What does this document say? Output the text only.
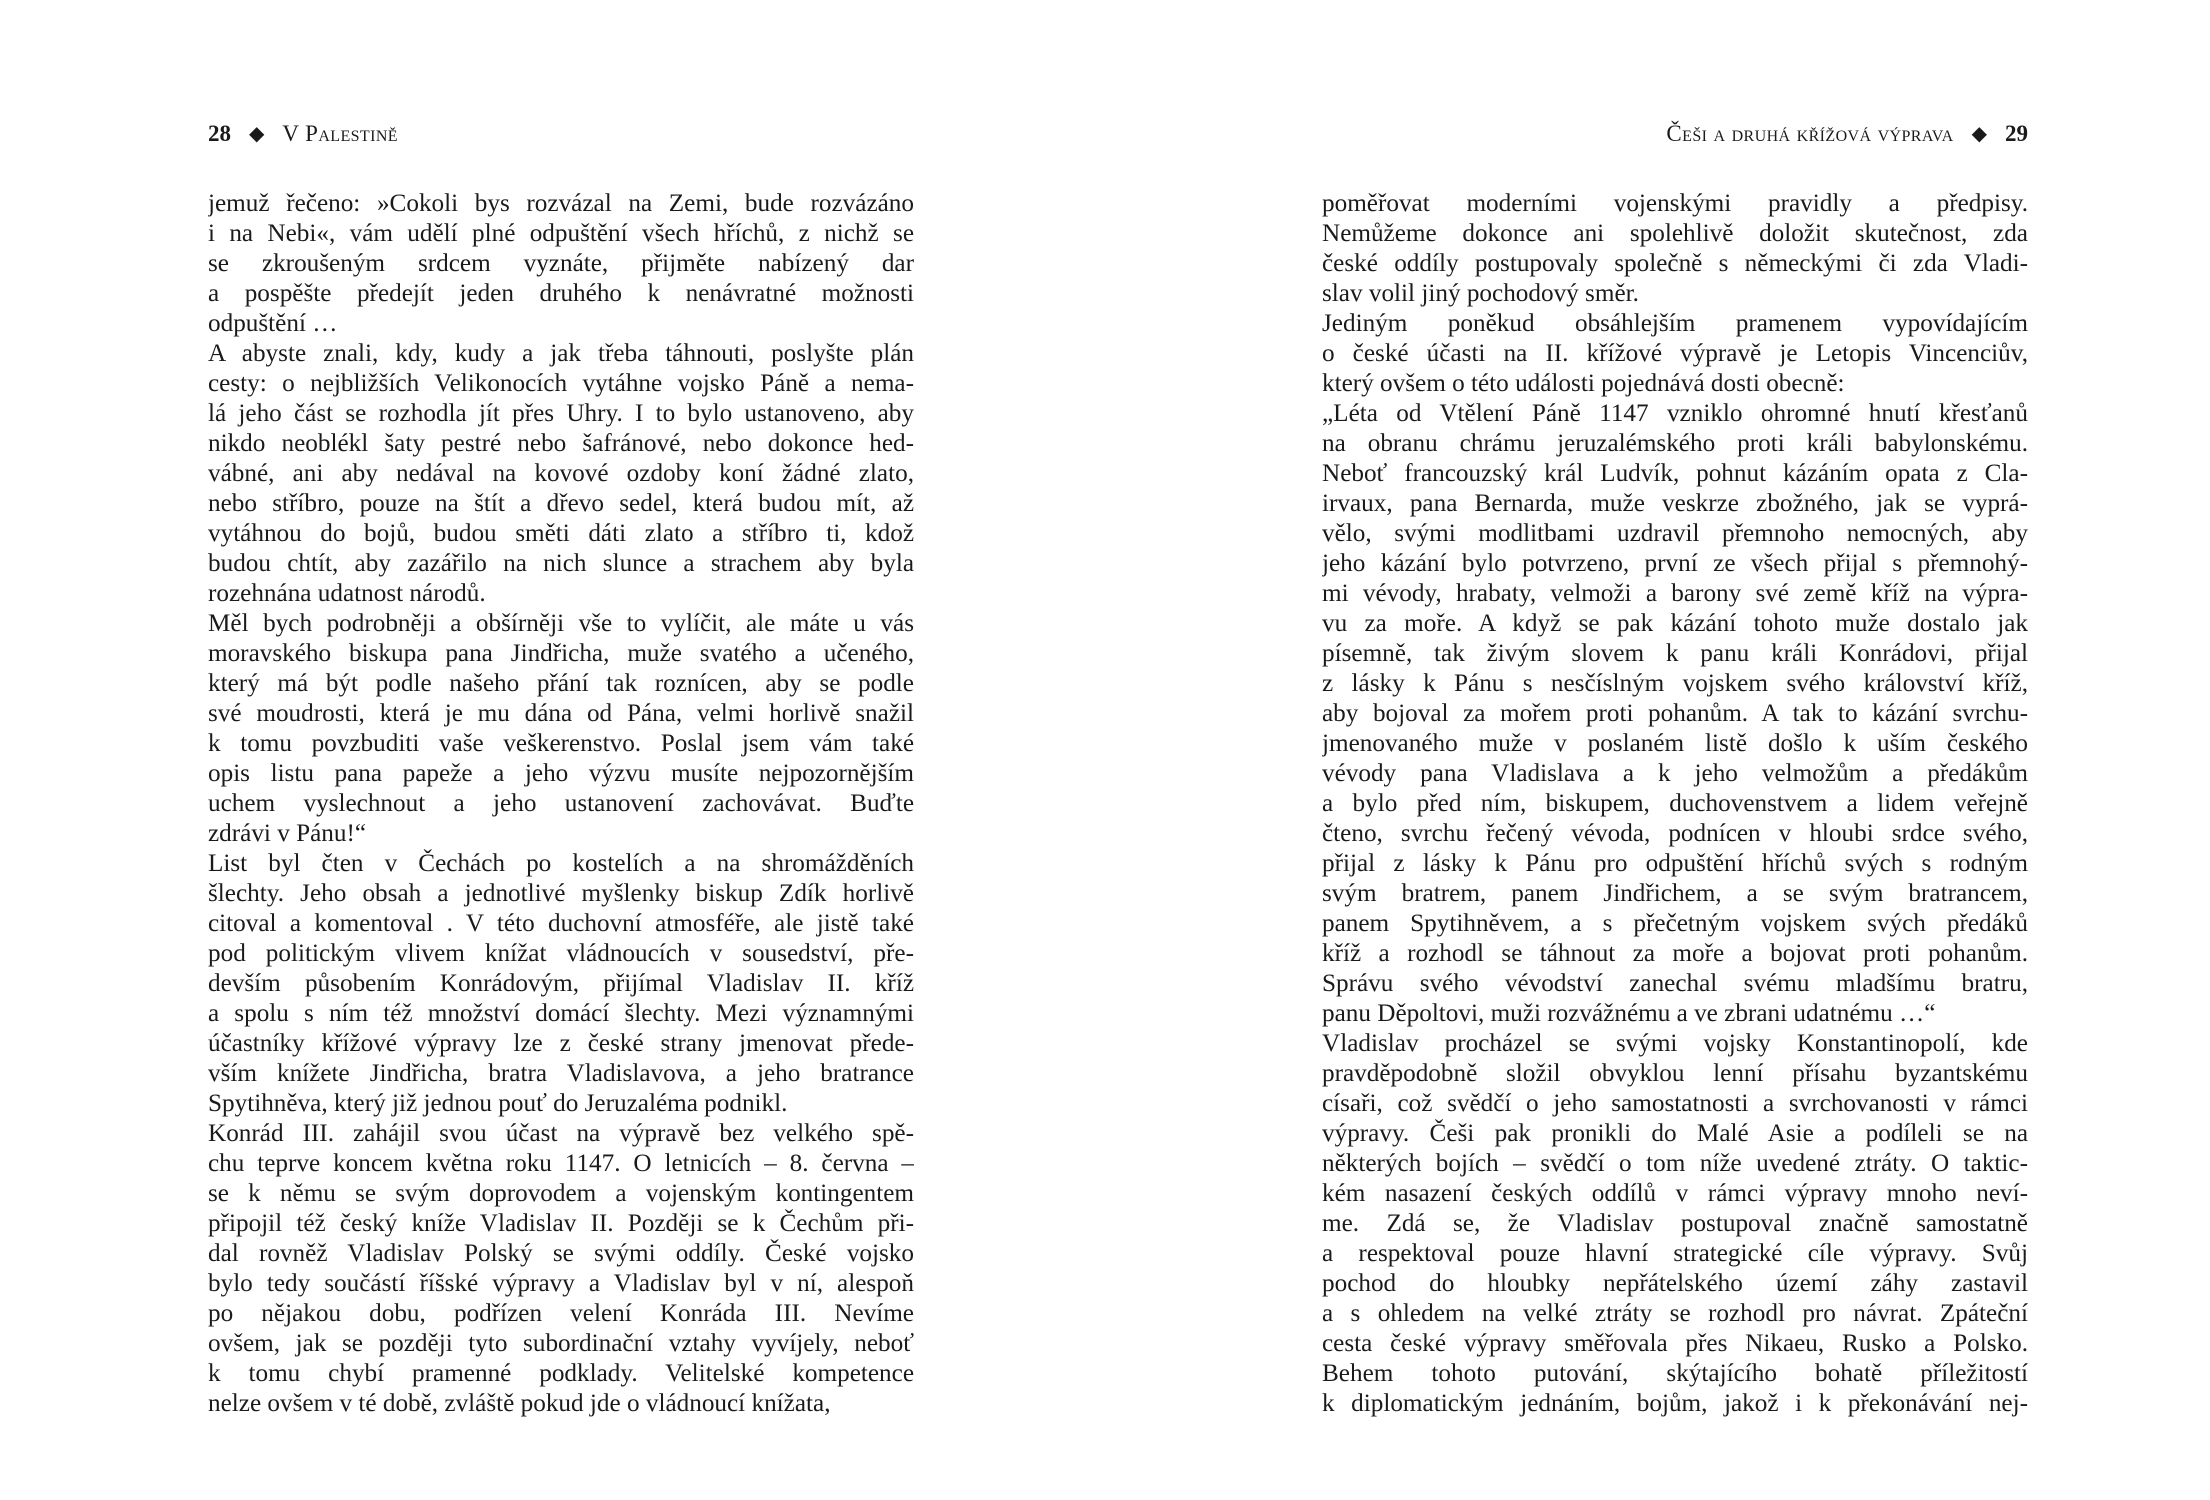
28 ◆ V Palestině
jemuž řečeno: »Cokoli bys rozvázal na Zemi, bude rozvázáno
i na Nebi«, vám udělí plné odpuštění všech hříchů, z nichž se
se zkroušeným srdcem vyznáte, přijměte nabízený dar
a pospěšte předejít jeden druhého k nenávratné možnosti
odpuštění …
A abyste znali, kdy, kudy a jak třeba táhnouti, poslyšte plán
cesty: o nejbližších Velikonocích vytáhne vojsko Páně a nema-
lá jeho část se rozhodla jít přes Uhry. I to bylo ustanoveno, aby
nikdo neoblékl šaty pestré nebo šafránové, nebo dokonce hed-
vábné, ani aby nedával na kovové ozdoby koní žádné zlato,
nebo stříbro, pouze na štít a dřevo sedel, která budou mít, až
vytáhnou do bojů, budou směti dáti zlato a stříbro ti, kdož
budou chtít, aby zazářilo na nich slunce a strachem aby byla
rozehnána udatnost národů.
Měl bych podrobněji a obšírněji vše to vylíčit, ale máte u vás
moravského biskupa pana Jindřicha, muže svatého a učeného,
který má být podle našeho přání tak roznícen, aby se podle
své moudrosti, která je mu dána od Pána, velmi horlivě snažil
k tomu povzbuditi vaše veškerenstvo. Poslal jsem vám také
opis listu pana papeže a jeho výzvu musíte nejpozornějším
uchem vyslechnout a jeho ustanovení zachovávat. Buďte
zdrávi v Pánu!“
List byl čten v Čechách po kostelích a na shromážděních
šlechty. Jeho obsah a jednotlivé myšlenky biskup Zdík horlivě
citoval a komentoval . V této duchovní atmosféře, ale jistě také
pod politickým vlivem knížat vládnoucích v sousedství, pře-
devším působením Konrádovým, přijímal Vladislav II. kříž
a spolu s ním též množství domácí šlechty. Mezi významnými
účastníky křížové výpravy lze z české strany jmenovat přede-
vším knížete Jindřicha, bratra Vladislavova, a jeho bratrance
Spytihněva, který již jednou pouť do Jeruzaléma podnikl.
Konrád III. zahájil svou účast na výpravě bez velkého spě-
chu teprve koncem května roku 1147. O letnicích – 8. června –
se k němu se svým doprovodem a vojenským kontingentem
připojil též český kníže Vladislav II. Později se k Čechům při-
dal rovněž Vladislav Polský se svými oddíly. České vojsko
bylo tedy součástí říšské výpravy a Vladislav byl v ní, alespoň
po nějakou dobu, podřízen velení Konráda III. Nevíme
ovšem, jak se později tyto subordinační vztahy vyvíjely, neboť
k tomu chybí pramenné podklady. Velitelské kompetence
nelze ovšem v té době, zvláště pokud jde o vládnoucí knížata,
Češi a druhá křížová výprava ◆ 29
poměřovat moderními vojenskými pravidly a předpisy.
Nemůžeme dokonce ani spolehlivě doložit skutečnost, zda
české oddíly postupovaly společně s německými či zda Vladi-
slav volil jiný pochodový směr.
Jediným poněkud obsáhlejším pramenem vypovídajícím
o české účasti na II. křížové výpravě je Letopis Vincenciův,
který ovšem o této události pojednává dosti obecně:
„Léta od Vtělení Páně 1147 vzniklo ohromné hnutí křesťanů
na obranu chrámu jeruzalémského proti králi babylonskému.
Neboť francouzský král Ludvík, pohnut kázáním opata z Cla-
irvaux, pana Bernarda, muže veskrze zbožného, jak se vyprá-
vělo, svými modlitbami uzdravil přemnoho nemocných, aby
jeho kázání bylo potvrzeno, první ze všech přijal s přemnohý-
mi vévody, hrabaty, velmoži a barony své země kříž na výpra-
vu za moře. A když se pak kázání tohoto muže dostalo jak
písemně, tak živým slovem k panu králi Konrádovi, přijal
z lásky k Pánu s nesčíslným vojskem svého království kříž,
aby bojoval za mořem proti pohanům. A tak to kázání svrchu-
jmenovaného muže v poslaném listě došlo k uším českého
vévody pana Vladislava a k jeho velmožům a předákům
a bylo před ním, biskupem, duchovenstvem a lidem veřejně
čteno, svrchu řečený vévoda, podnícen v hloubi srdce svého,
přijal z lásky k Pánu pro odpuštění hříchů svých s rodným
svým bratrem, panem Jindřichem, a se svým bratrancem,
panem Spytihněvem, a s přečetným vojskem svých předáků
kříž a rozhodl se táhnout za moře a bojovat proti pohanům.
Správu svého vévodství zanechal svému mladšímu bratru,
panu Děpoltovi, muži rozvážnému a ve zbrani udatnému …“
Vladislav procházel se svými vojsky Konstantinopolí, kde
pravděpodobně složil obvyklou lenní přísahu byzantskému
císaři, což svědčí o jeho samostatnosti a svrchovanosti v rámci
výpravy. Češi pak pronikli do Malé Asie a podíleli se na
některých bojích – svědčí o tom níže uvedené ztráty. O taktic-
kém nasazení českých oddílů v rámci výpravy mnoho neví-
me. Zdá se, že Vladislav postupoval značně samostatně
a respektoval pouze hlavní strategické cíle výpravy. Svůj
pochod do hloubky nepřátelského území záhy zastavil
a s ohledem na velké ztráty se rozhodl pro návrat. Zpáteční
cesta české výpravy směřovala přes Nikaeu, Rusko a Polsko.
Behem tohoto putování, skýtajícího bohatě příležitostí
k diplomatickým jednáním, bojům, jakož i k překonávání nej-
